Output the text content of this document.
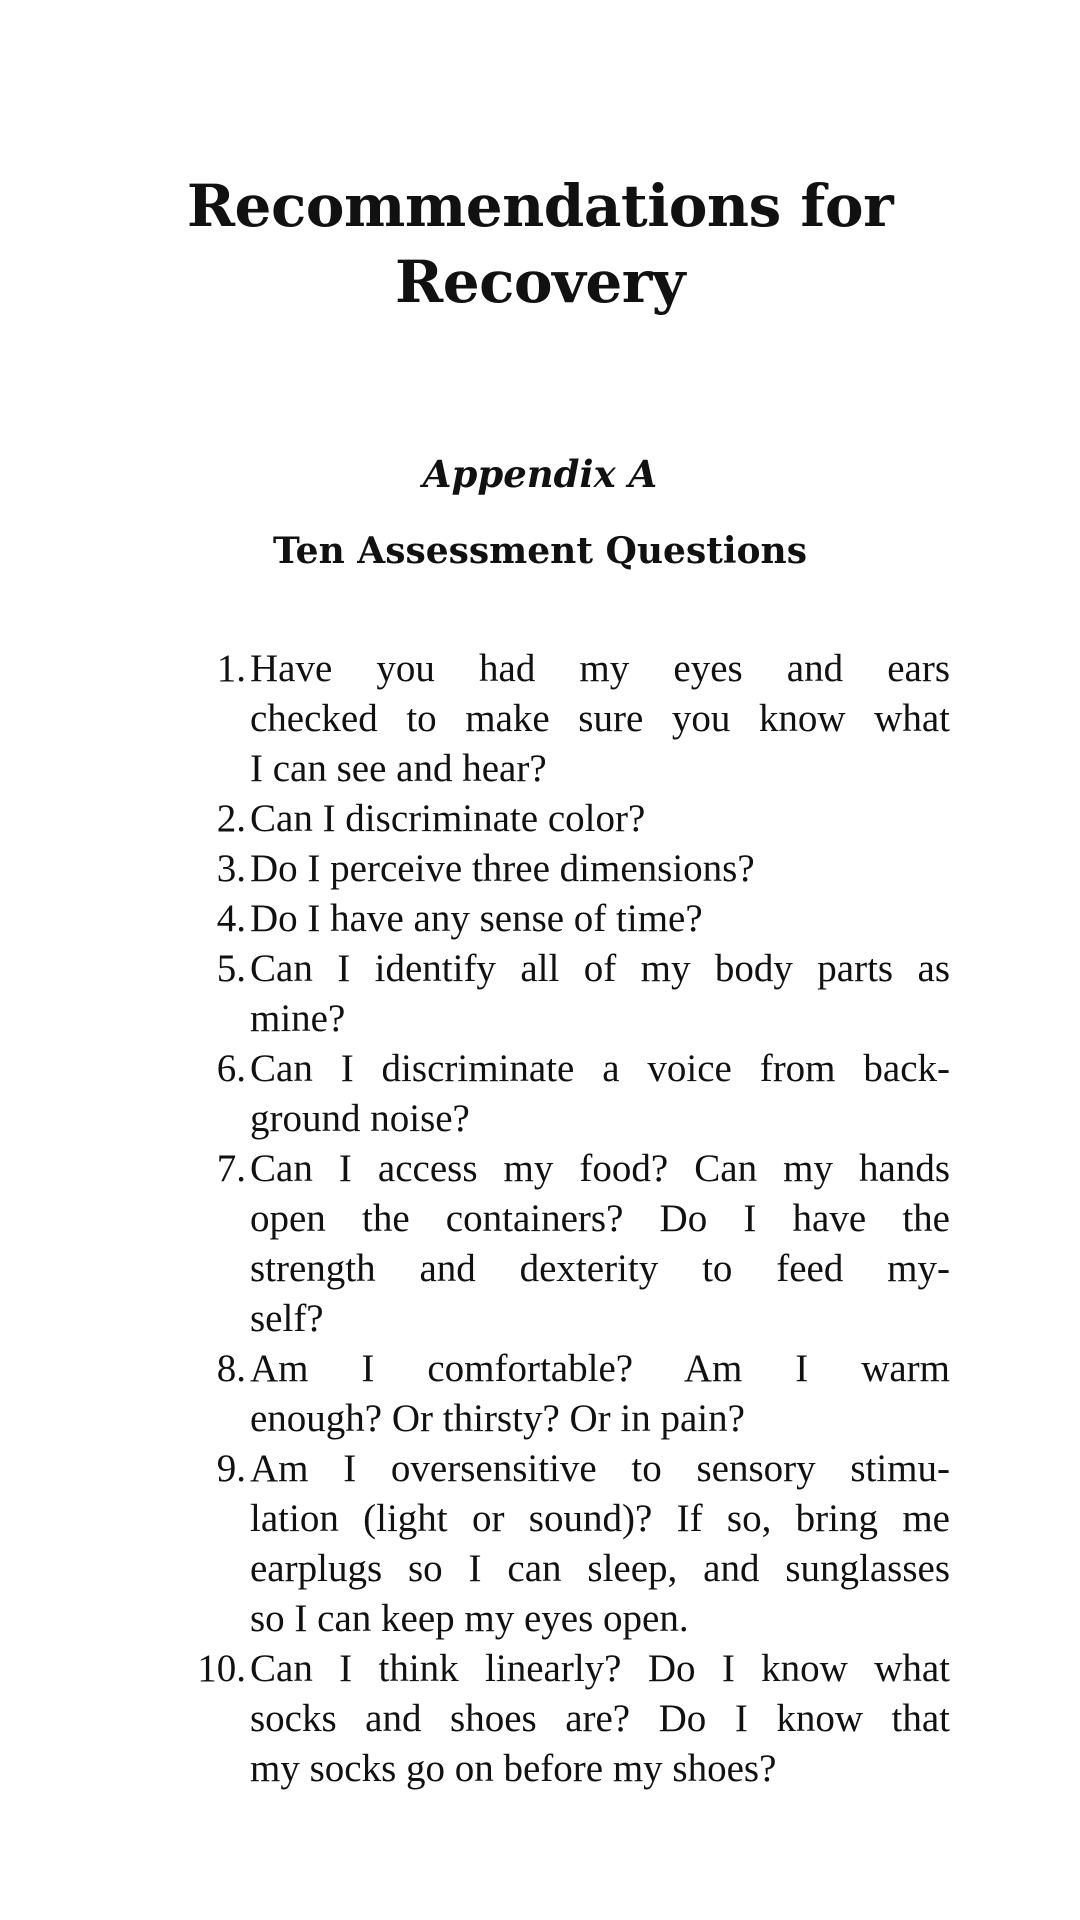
Recommendations for
Recovery
Appendix A
Ten Assessment Questions
1. Have you had my eyes and ears
checked to make sure you know what
I can see and hear?
2. Can I discriminate color?
3. Do I perceive three dimensions?
4. Do I have any sense of time?
5. Can I identify all of my body parts as
mine?
6. Can I discriminate a voice from back-
ground noise?
7. Can I access my food? Can my hands
open the containers? Do I have the
strength and dexterity to feed my-
self?
8. Am I comfortable? Am I warm
enough? Or thirsty? Or in pain?
9. Am I oversensitive to sensory stimu-
lation (light or sound)? If so, bring me
earplugs so I can sleep, and sunglasses
so I can keep my eyes open.
10. Can I think linearly? Do I know what
socks and shoes are? Do I know that
my socks go on before my shoes?
